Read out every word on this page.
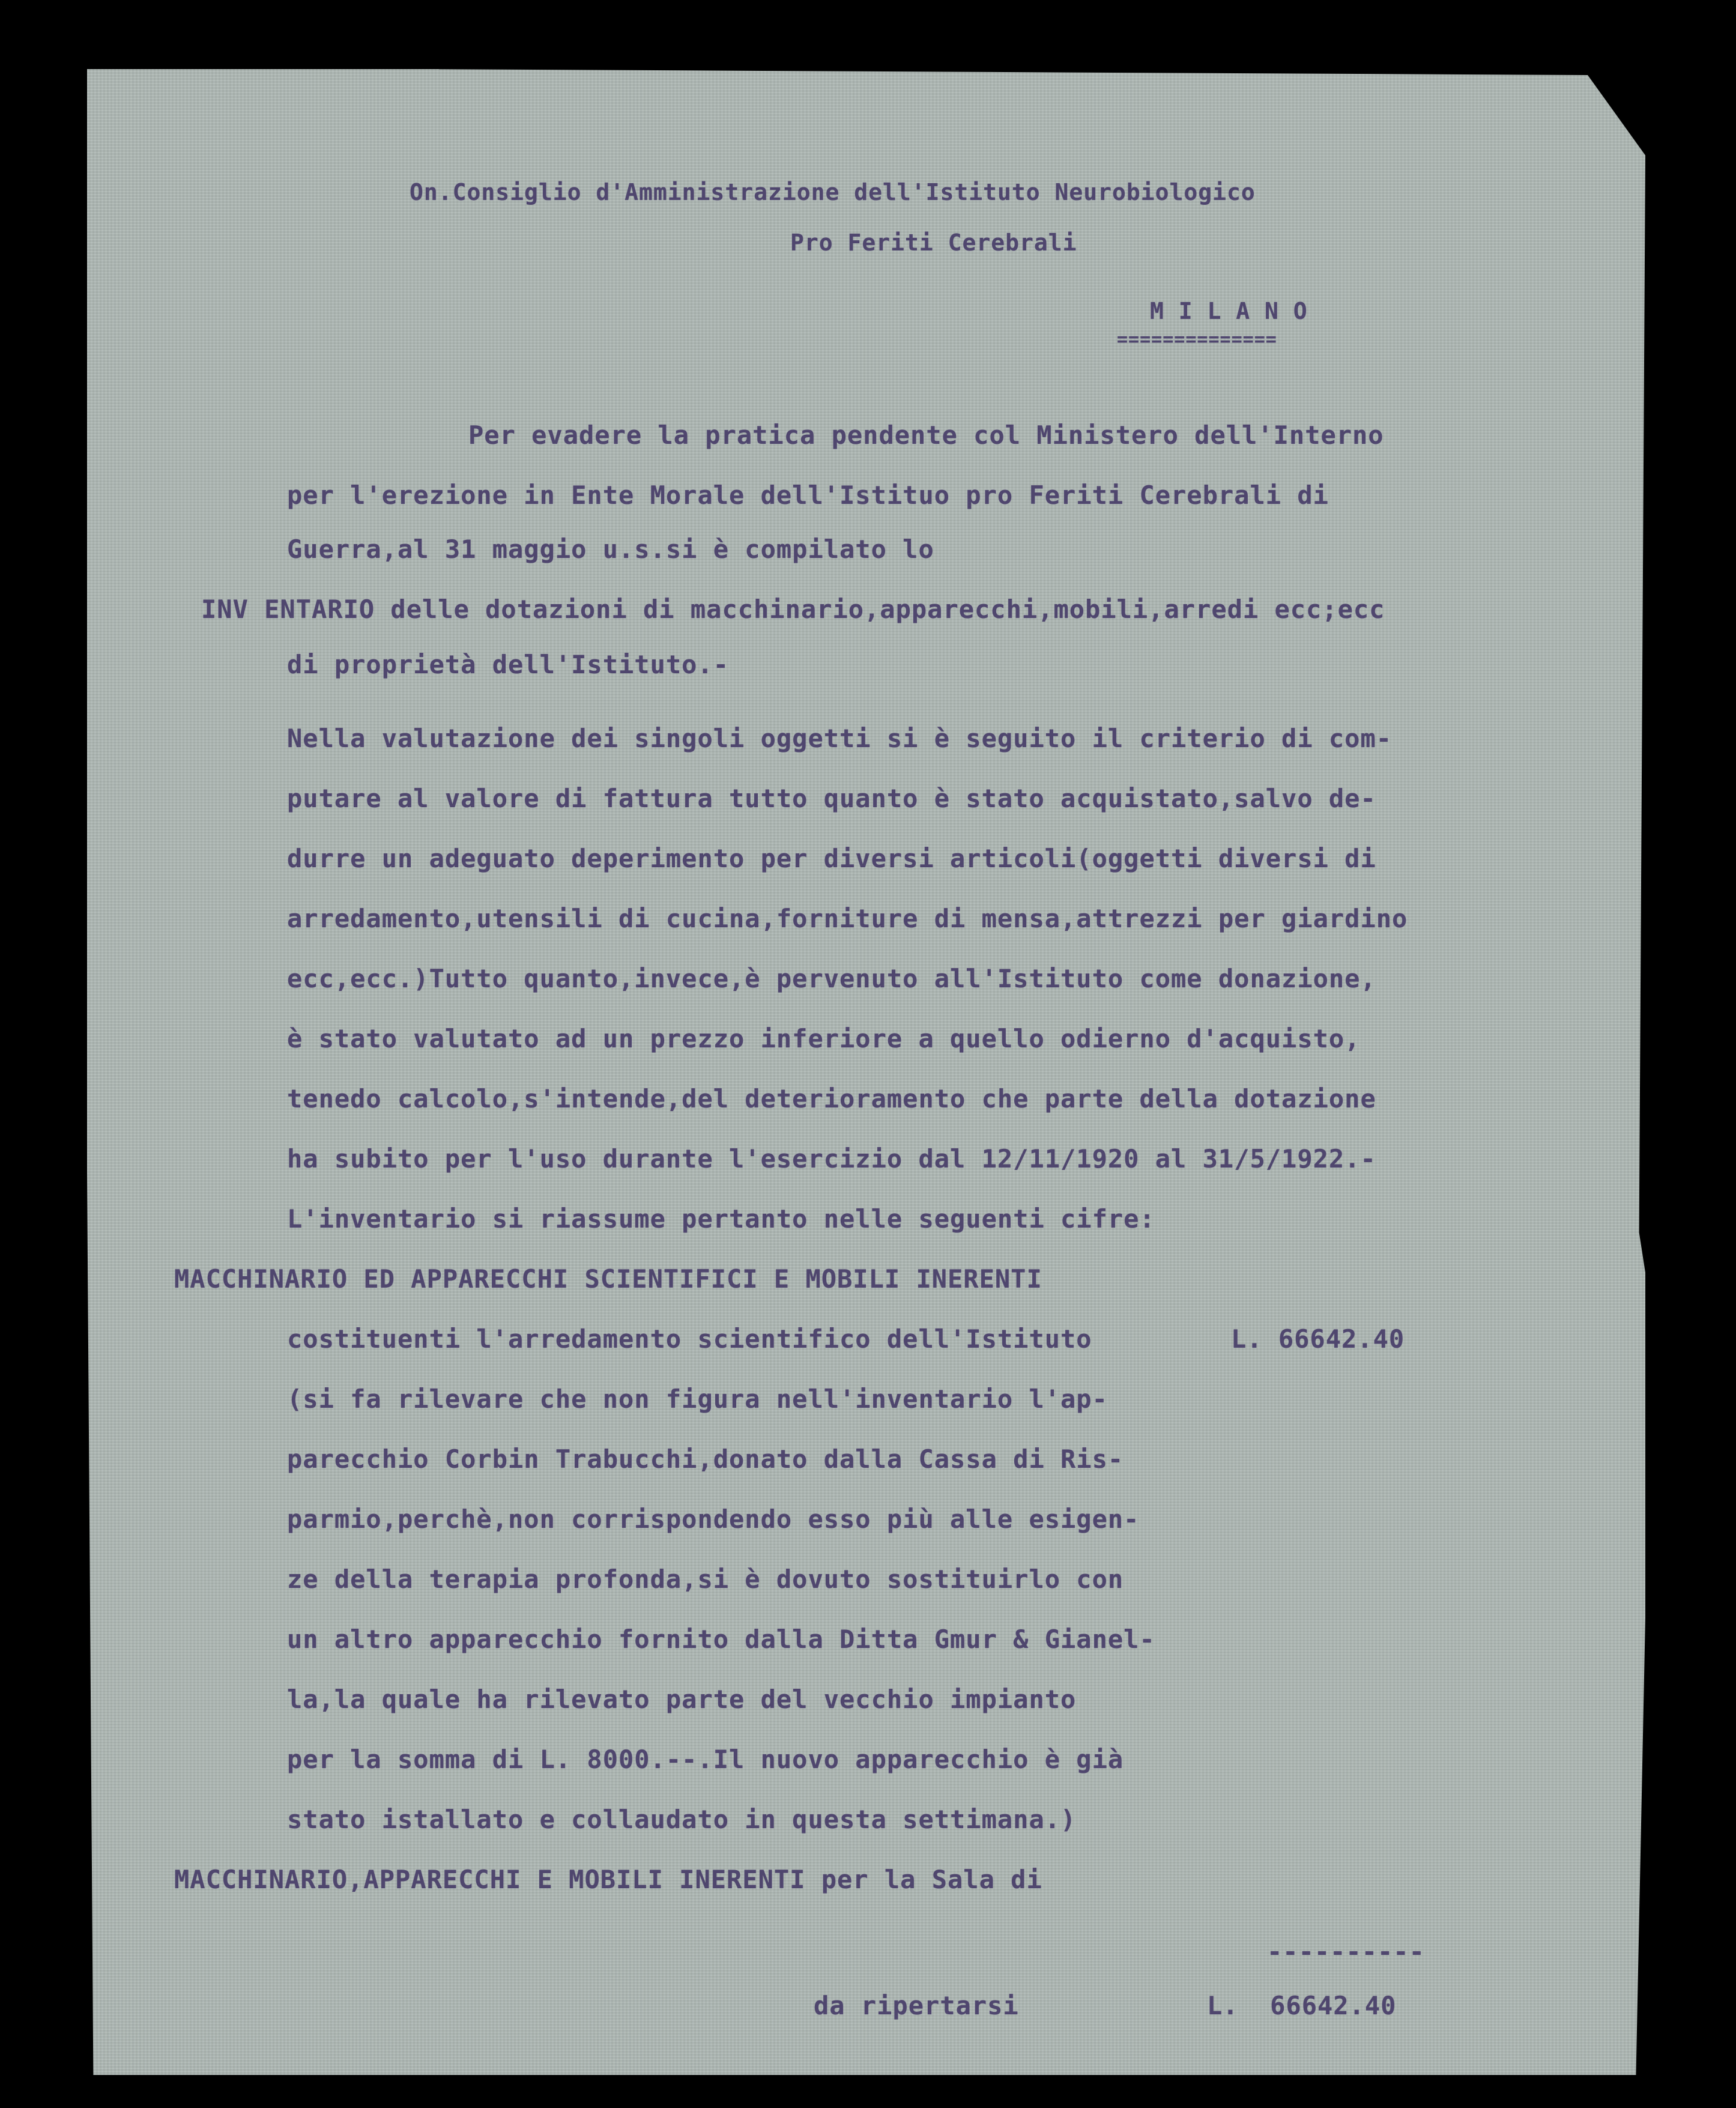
On.Consiglio d'Amministrazione dell'Istituto Neurobiologico
Pro Feriti Cerebrali
M I L A N O
==============
Per evadere la pratica pendente col Ministero dell'Interno
per l'erezione in Ente Morale dell'Istituo pro Feriti Cerebrali di
Guerra,al 31 maggio u.s.si è compilato lo
INV ENTARIO delle dotazioni di macchinario,apparecchi,mobili,arredi ecc;ecc
di proprietà dell'Istituto.-
Nella valutazione dei singoli oggetti si è seguito il criterio di com-
putare al valore di fattura tutto quanto è stato acquistato,salvo de-
durre un adeguato deperimento per diversi articoli(oggetti diversi di
arredamento,utensili di cucina,forniture di mensa,attrezzi per giardino
ecc,ecc.)Tutto quanto,invece,è pervenuto all'Istituto come donazione,
è stato valutato ad un prezzo inferiore a quello odierno d'acquisto,
tenedo calcolo,s'intende,del deterioramento che parte della dotazione
ha subito per l'uso durante l'esercizio dal 12/11/1920 al 31/5/1922.-
L'inventario si riassume pertanto nelle seguenti cifre:
MACCHINARIO ED APPARECCHI SCIENTIFICI E MOBILI INERENTI
costituenti l'arredamento scientifico dell'Istituto	L. 66642.40
(si fa rilevare che non figura nell'inventario l'ap-
parecchio Corbin Trabucchi,donato dalla Cassa di Ris-
parmio,perchè,non corrispondendo esso più alle esigen-
ze della terapia profonda,si è dovuto sostituirlo con
un altro apparecchio fornito dalla Ditta Gmur & Gianel-
la,la quale ha rilevato parte del vecchio impianto
per la somma di L. 8000.--.Il nuovo apparecchio è già
stato istallato e collaudato in questa settimana.)
MACCHINARIO,APPARECCHI E MOBILI INERENTI per la Sala di
----------
da ripertarsi	L.  66642.40
